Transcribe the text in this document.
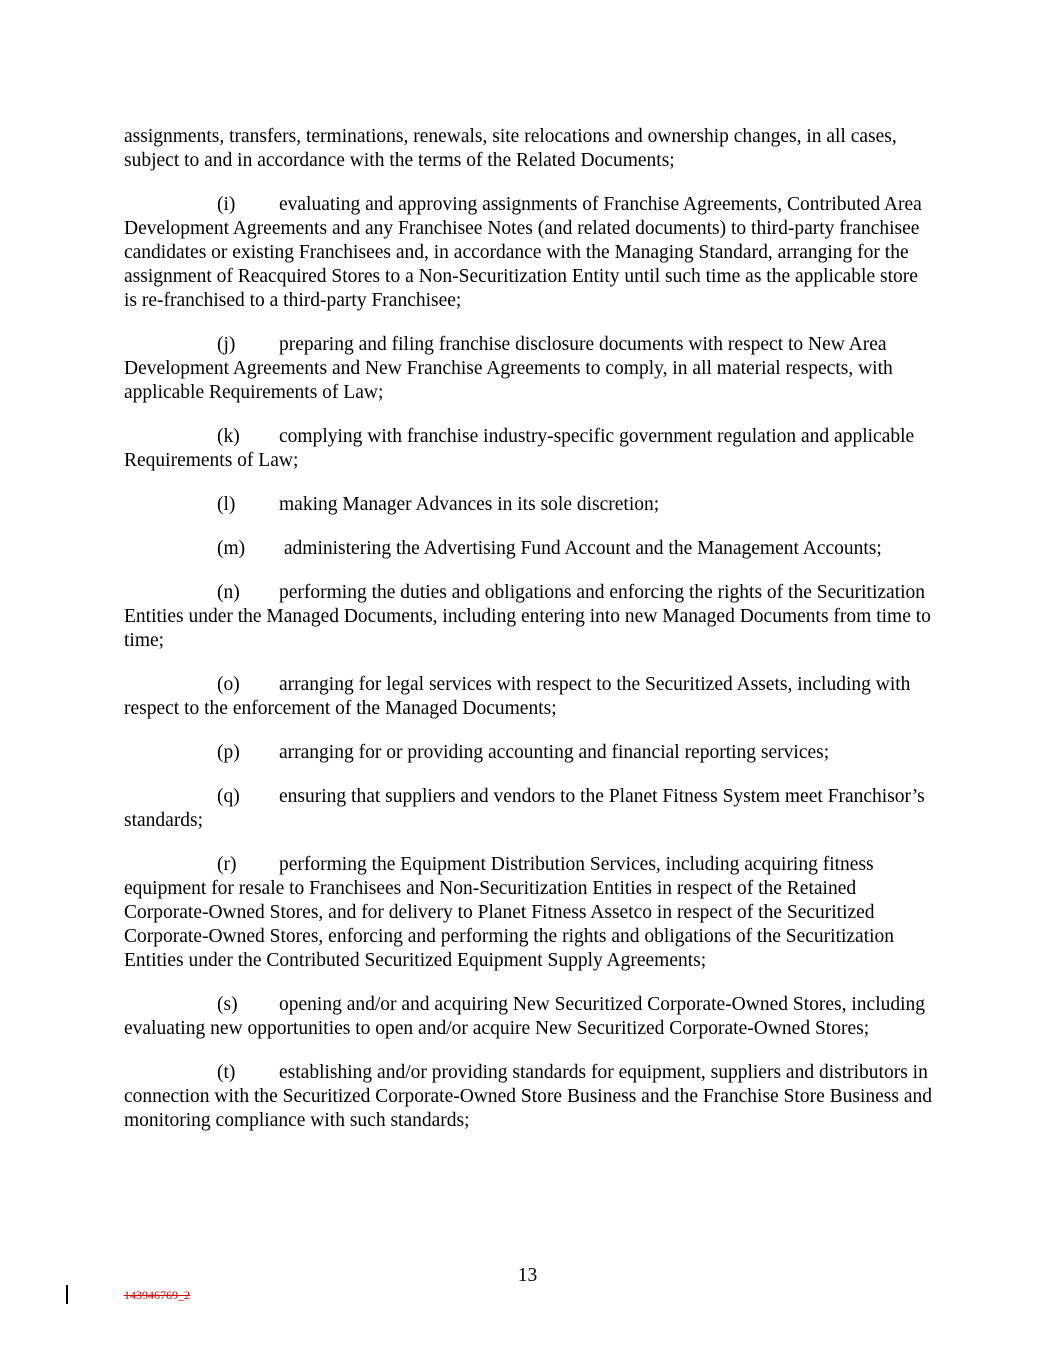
assignments, transfers, terminations, renewals, site relocations and ownership changes, in all cases, subject to and in accordance with the terms of the Related Documents;

(i) evaluating and approving assignments of Franchise Agreements, Contributed Area Development Agreements and any Franchisee Notes (and related documents) to third-party franchisee candidates or existing Franchisees and, in accordance with the Managing Standard, arranging for the assignment of Reacquired Stores to a Non-Securitization Entity until such time as the applicable store is re-franchised to a third-party Franchisee;

(j) preparing and filing franchise disclosure documents with respect to New Area Development Agreements and New Franchise Agreements to comply, in all material respects, with applicable Requirements of Law;

(k) complying with franchise industry-specific government regulation and applicable Requirements of Law;

(l) making Manager Advances in its sole discretion;

(m) administering the Advertising Fund Account and the Management Accounts;

(n) performing the duties and obligations and enforcing the rights of the Securitization Entities under the Managed Documents, including entering into new Managed Documents from time to time;

(o) arranging for legal services with respect to the Securitized Assets, including with respect to the enforcement of the Managed Documents;

(p) arranging for or providing accounting and financial reporting services;

(q) ensuring that suppliers and vendors to the Planet Fitness System meet Franchisor’s standards;

(r) performing the Equipment Distribution Services, including acquiring fitness equipment for resale to Franchisees and Non-Securitization Entities in respect of the Retained Corporate-Owned Stores, and for delivery to Planet Fitness Assetco in respect of the Securitized Corporate-Owned Stores, enforcing and performing the rights and obligations of the Securitization Entities under the Contributed Securitized Equipment Supply Agreements;

(s) opening and/or and acquiring New Securitized Corporate-Owned Stores, including evaluating new opportunities to open and/or acquire New Securitized Corporate-Owned Stores;

(t) establishing and/or providing standards for equipment, suppliers and distributors in connection with the Securitized Corporate-Owned Store Business and the Franchise Store Business and monitoring compliance with such standards;

13
143946769_2
